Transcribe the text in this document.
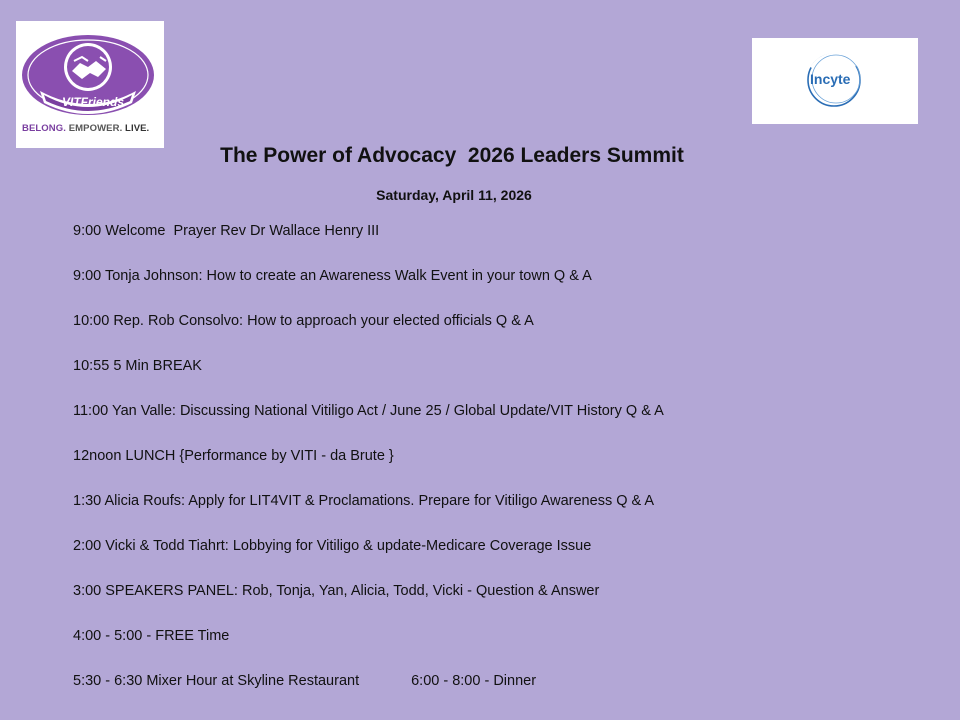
VITFriends
BELONG. EMPOWER. LIVE.
Incyte
The Power of Advocacy  2026 Leaders Summit
Saturday, April 11, 2026
9:00 Welcome  Prayer Rev Dr Wallace Henry III
9:00 Tonja Johnson: How to create an Awareness Walk Event in your town Q & A
10:00 Rep. Rob Consolvo: How to approach your elected officials Q & A
10:55 5 Min BREAK
11:00 Yan Valle: Discussing National Vitiligo Act / June 25 / Global Update/VIT History Q & A
12noon LUNCH {Performance by VITI - da Brute }
1:30 Alicia Roufs: Apply for LIT4VIT & Proclamations. Prepare for Vitiligo Awareness Q & A
2:00 Vicki & Todd Tiahrt: Lobbying for Vitiligo & update-Medicare Coverage Issue
3:00 SPEAKERS PANEL: Rob, Tonja, Yan, Alicia, Todd, Vicki - Question & Answer
4:00 - 5:00 - FREE Time
5:30 - 6:30 Mixer Hour at Skyline Restaurant	6:00 - 8:00 - Dinner
